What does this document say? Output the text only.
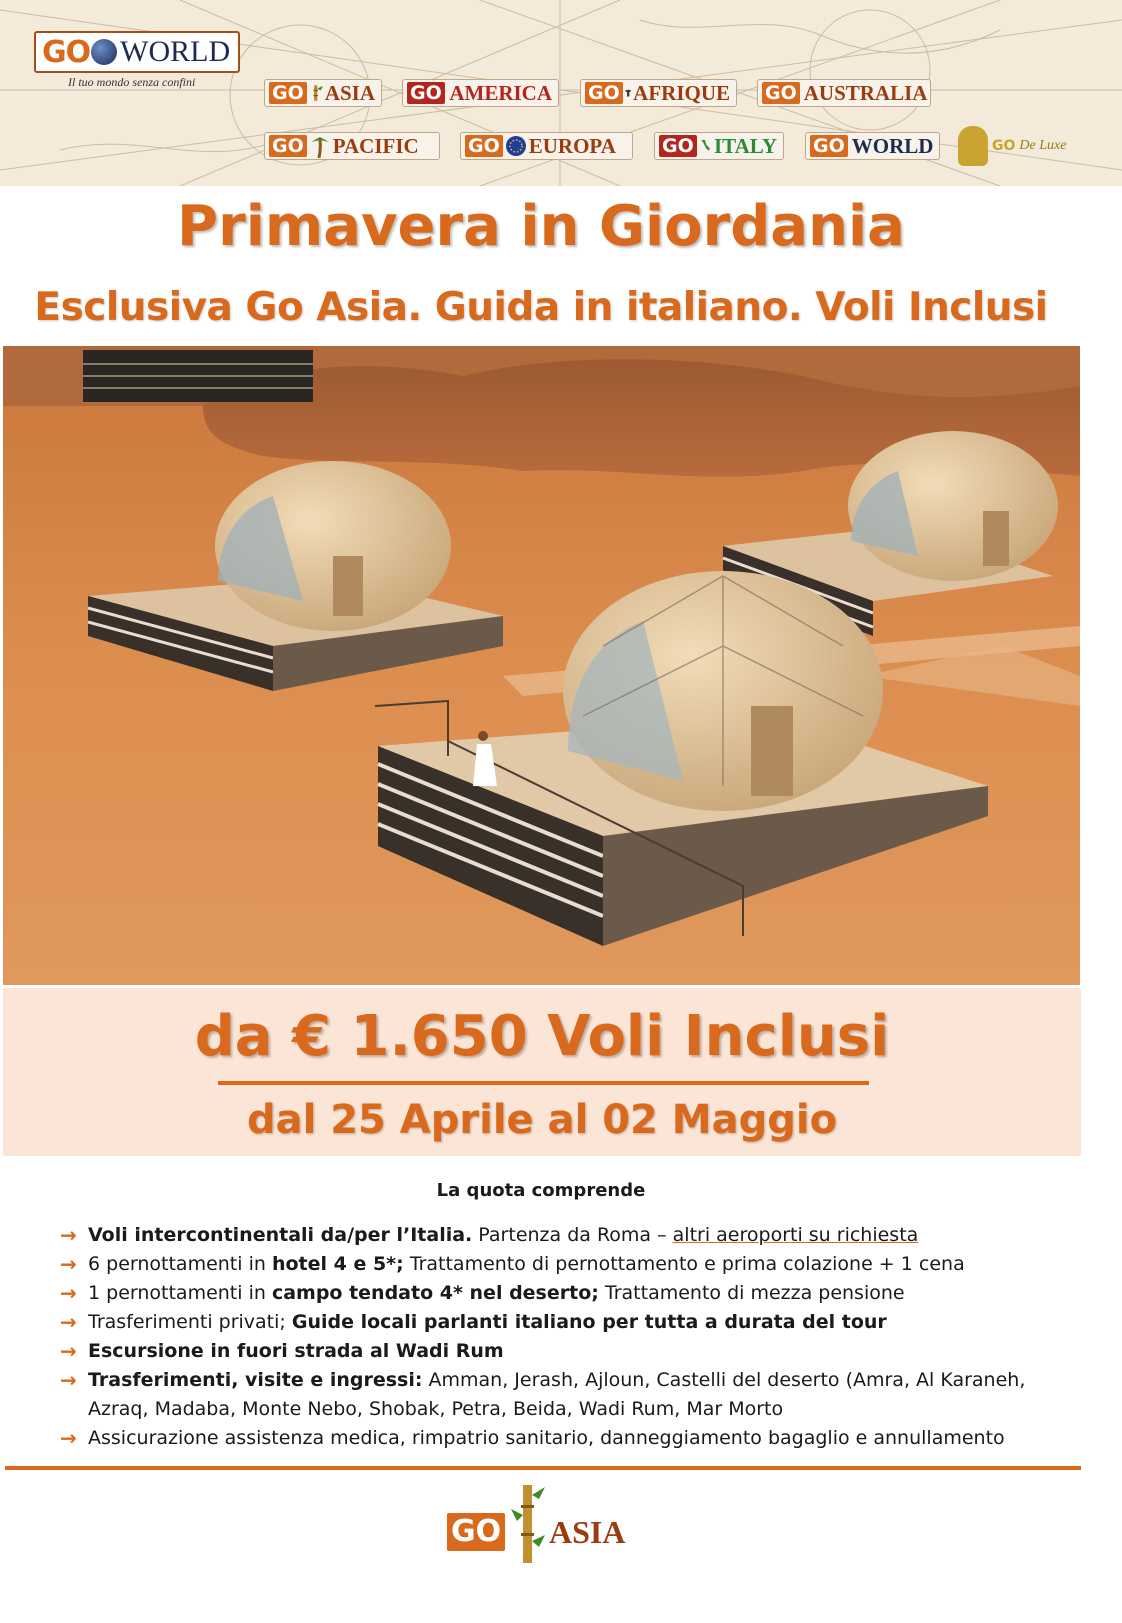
GO WORLD
Il tuo mondo senza confini	GO ASIA GO AMERICA GO AFRIQUE GO AUSTRALIA
GO PACIFIC	GO EUROPA GO ITALY GO WORLD	GO De Luxe
Primavera in Giordania
Esclusiva Go Asia. Guida in italiano. Voli Inclusi
da € 1.650 Voli Inclusi
dal 25 Aprile al 02 Maggio
La quota comprende
→ Voli intercontinentali da/per l’Italia. Partenza da Roma – altri aeroporti su richiesta
→ 6 pernottamenti in hotel 4 e 5*; Trattamento di pernottamento e prima colazione + 1 cena
→ 1 pernottamenti in campo tendato 4* nel deserto; Trattamento di mezza pensione
→ Trasferimenti privati; Guide locali parlanti italiano per tutta a durata del tour
→ Escursione in fuori strada al Wadi Rum
→ Trasferimenti, visite e ingressi: Amman, Jerash, Ajloun, Castelli del deserto (Amra, Al Karaneh, Azraq, Madaba, Monte Nebo, Shobak, Petra, Beida, Wadi Rum, Mar Morto
→ Assicurazione assistenza medica, rimpatrio sanitario, danneggiamento bagaglio e annullamento
GO ASIA
